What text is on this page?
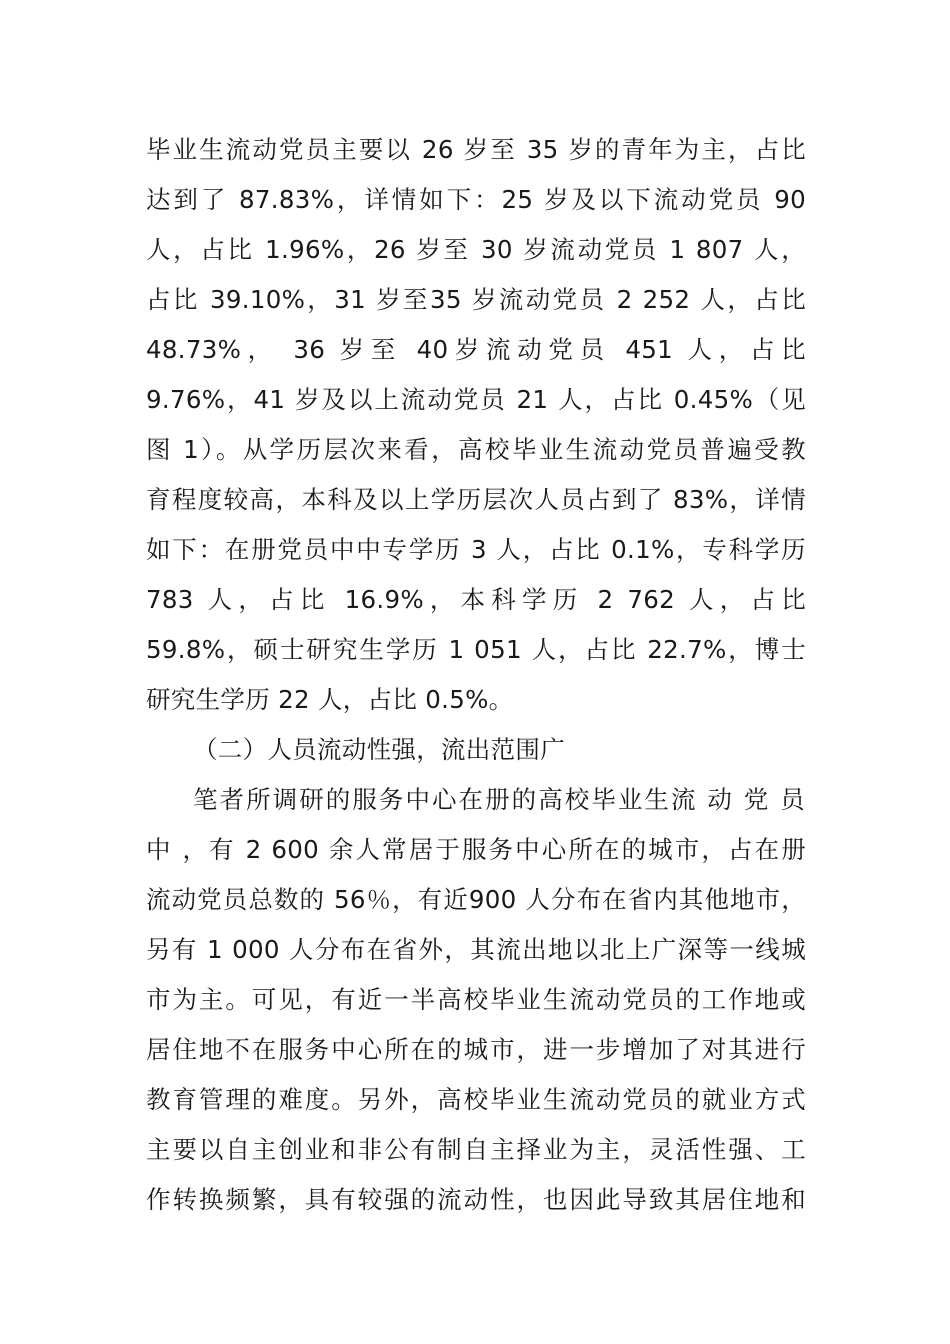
毕业生流动党员主要以 26 岁至 35 岁的青年为主，占比
达到了 87.83%，详情如下：25 岁及以下流动党员 90
人，占比 1.96%，26 岁至 30 岁流动党员 1 807 人，
占比 39.10%，31 岁至35 岁流动党员 2 252 人，占比
48.73%， 36 岁至 40岁流动党员 451 人，占比
9.76%，41 岁及以上流动党员 21 人，占比 0.45%（见
图 1）。从学历层次来看，高校毕业生流动党员普遍受教
育程度较高，本科及以上学历层次人员占到了 83%，详情
如下：在册党员中中专学历 3 人，占比 0.1%，专科学历
783 人，占比 16.9%，本科学历 2 762 人，占比
59.8%，硕士研究生学历 1 051 人，占比 22.7%，博士
研究生学历 22 人，占比 0.5%。
（二）人员流动性强，流出范围广
笔者所调研的服务中心在册的高校毕业生流 动 党 员
中 ，有 2 600 余人常居于服务中心所在的城市，占在册
流动党员总数的 56％，有近900 人分布在省内其他地市，
另有 1 000 人分布在省外，其流出地以北上广深等一线城
市为主。可见，有近一半高校毕业生流动党员的工作地或
居住地不在服务中心所在的城市，进一步增加了对其进行
教育管理的难度。另外，高校毕业生流动党员的就业方式
主要以自主创业和非公有制自主择业为主，灵活性强、工
作转换频繁，具有较强的流动性，也因此导致其居住地和
